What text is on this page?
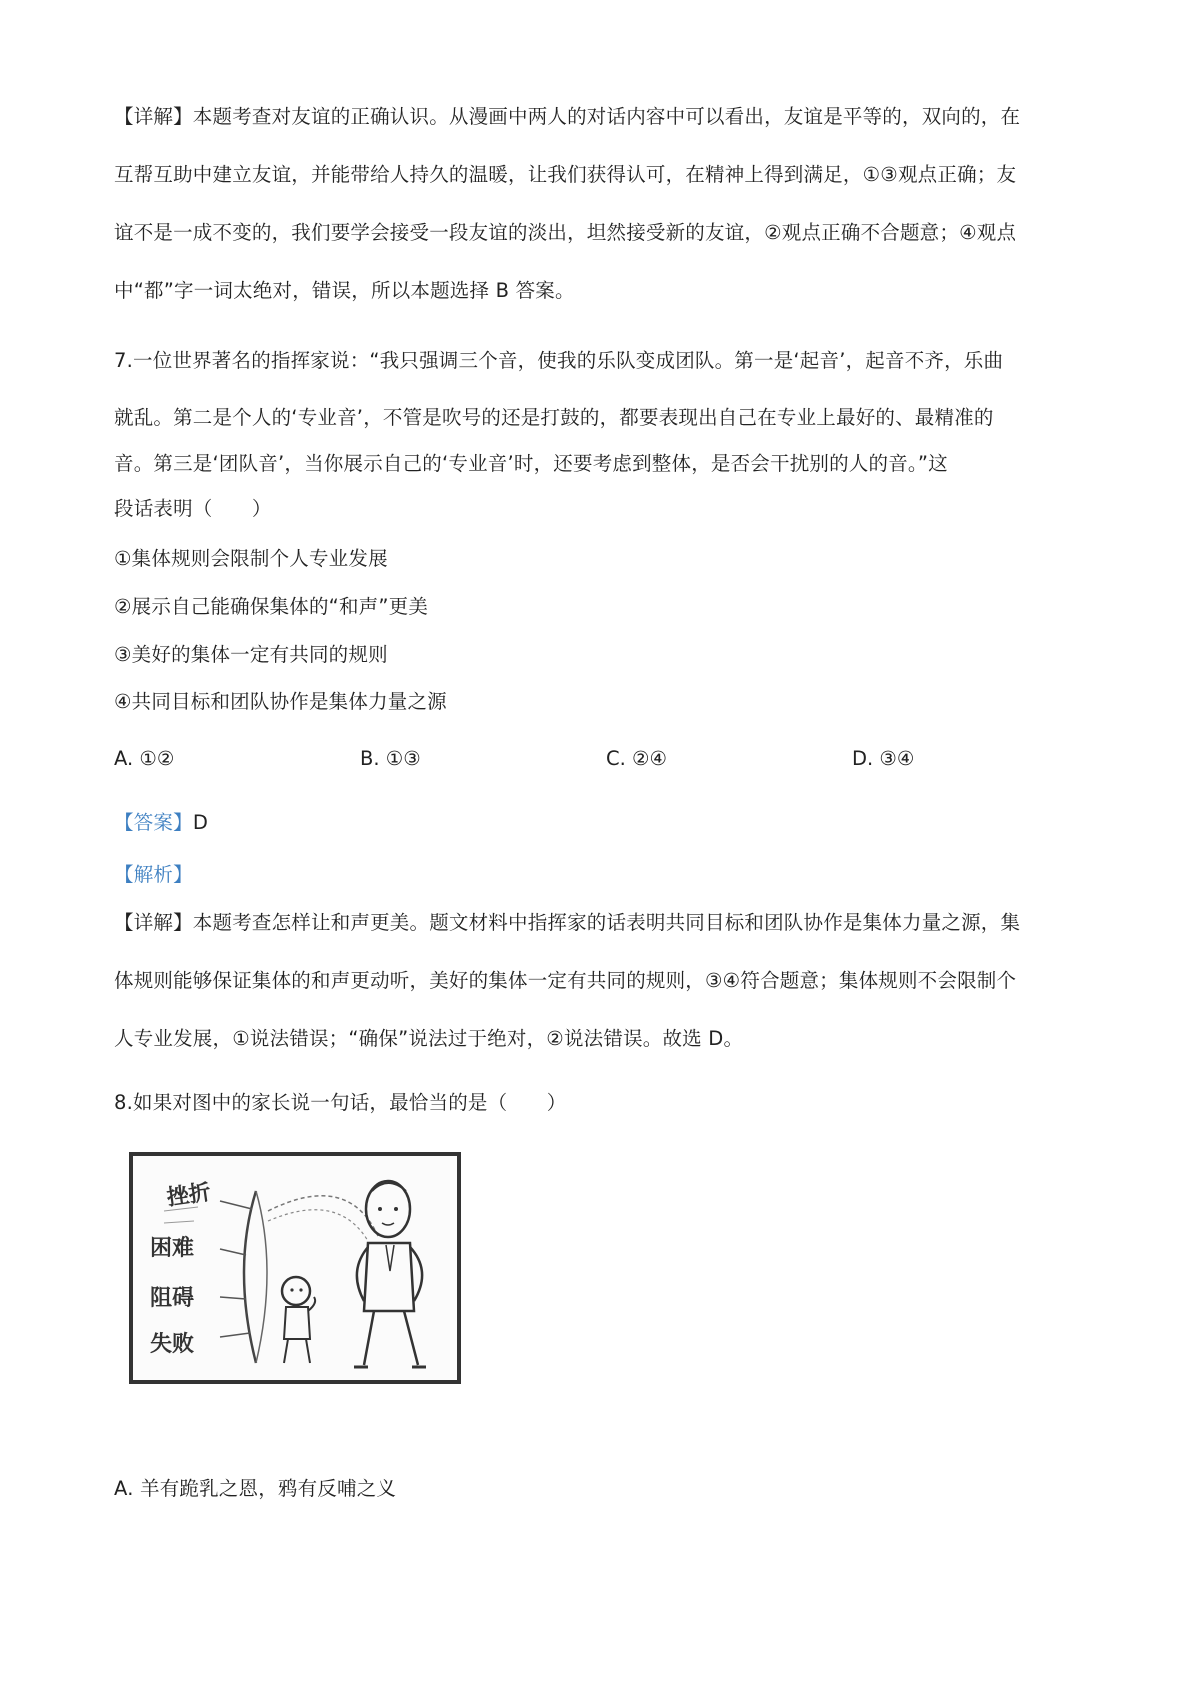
【详解】本题考查对友谊的正确认识。从漫画中两人的对话内容中可以看出，友谊是平等的，双向的，在
互帮互助中建立友谊，并能带给人持久的温暖，让我们获得认可，在精神上得到满足，①③观点正确；友
谊不是一成不变的，我们要学会接受一段友谊的淡出，坦然接受新的友谊，②观点正确不合题意；④观点
中“都”字一词太绝对，错误，所以本题选择 B 答案。
7.一位世界著名的指挥家说：“我只强调三个音，使我的乐队变成团队。第一是‘起音’，起音不齐，乐曲
就乱。第二是个人的‘专业音’，不管是吹号的还是打鼓的，都要表现出自己在专业上最好的、最精准的
音。第三是‘团队音’，当你展示自己的‘专业音’时，还要考虑到整体，是否会干扰别的人的音。”这
段话表明（　　）
①集体规则会限制个人专业发展
②展示自己能确保集体的“和声”更美
③美好的集体一定有共同的规则
④共同目标和团队协作是集体力量之源
A. ①②	B. ①③	C. ②④	D. ③④
【答案】D
【解析】
【详解】本题考查怎样让和声更美。题文材料中指挥家的话表明共同目标和团队协作是集体力量之源，集
体规则能够保证集体的和声更动听，美好的集体一定有共同的规则，③④符合题意；集体规则不会限制个
人专业发展，①说法错误；“确保”说法过于绝对，②说法错误。故选 D。
8.如果对图中的家长说一句话，最恰当的是（　　）
挫折
困难
阻碍
失败
A. 羊有跪乳之恩，鸦有反哺之义
